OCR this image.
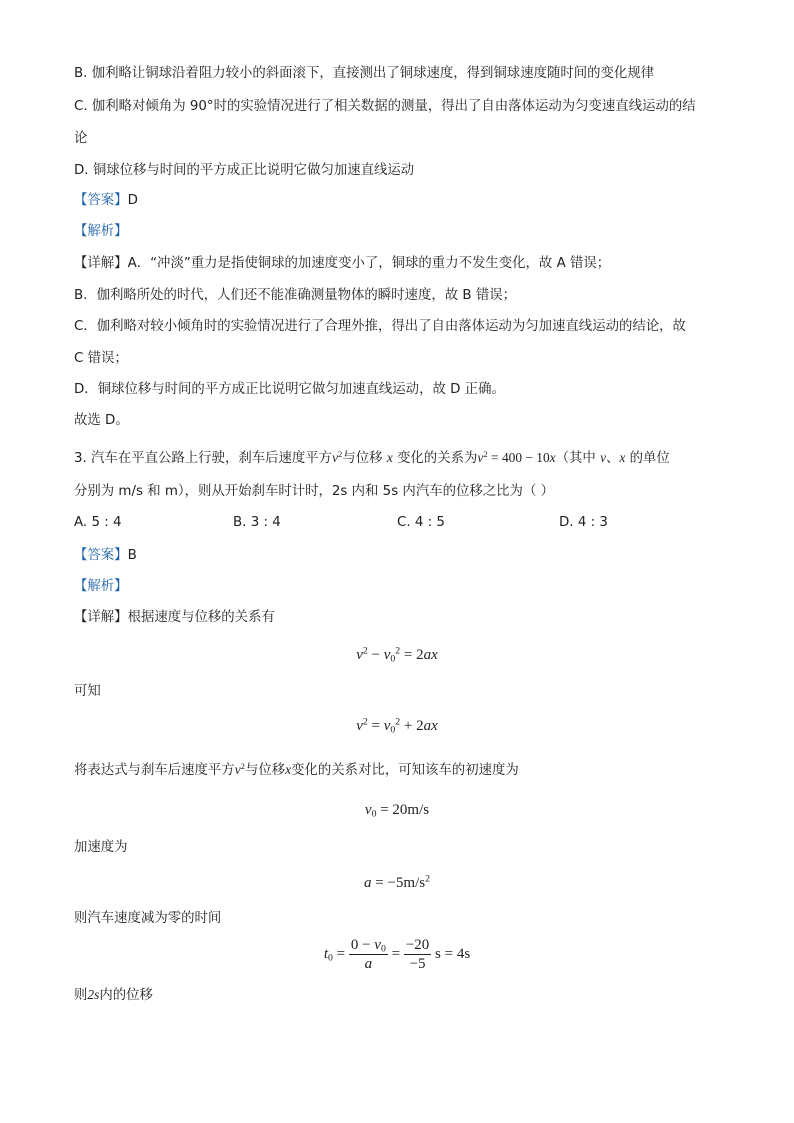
B. 伽利略让铜球沿着阻力较小的斜面滚下，直接测出了铜球速度，得到铜球速度随时间的变化规律
C. 伽利略对倾角为 90°时的实验情况进行了相关数据的测量，得出了自由落体运动为匀变速直线运动的结
论
D. 铜球位移与时间的平方成正比说明它做匀加速直线运动
【答案】D
【解析】
【详解】A．“冲淡”重力是指使铜球的加速度变小了，铜球的重力不发生变化，故 A 错误；
B．伽利略所处的时代，人们还不能准确测量物体的瞬时速度，故 B 错误；
C．伽利略对较小倾角时的实验情况进行了合理外推，得出了自由落体运动为匀加速直线运动的结论，故
C 错误；
D．铜球位移与时间的平方成正比说明它做匀加速直线运动，故 D 正确。
故选 D。
3. 汽车在平直公路上行驶，刹车后速度平方$v^2$与位移 x 变化的关系为$v^2 = 400 - 10x$（其中 v、x 的单位
分别为 m/s 和 m），则从开始刹车时计时，2s 内和 5s 内汽车的位移之比为（ ）
A. 5 : 4	B. 3 : 4	C. 4 : 5	D. 4 : 3
【答案】B
【解析】
【详解】根据速度与位移的关系有
$v^2 - v_0^2 = 2ax$
可知
$v^2 = v_0^2 + 2ax$
将表达式与刹车后速度平方$v^2$与位移x变化的关系对比，可知该车的初速度为
$v_0 = 20m/s$
加速度为
$a = -5m/s^2$
则汽车速度减为零的时间
$t_0 = \frac{0 - v_0}{a} = \frac{-20}{-5}$ s = 4s
则2s内的位移
